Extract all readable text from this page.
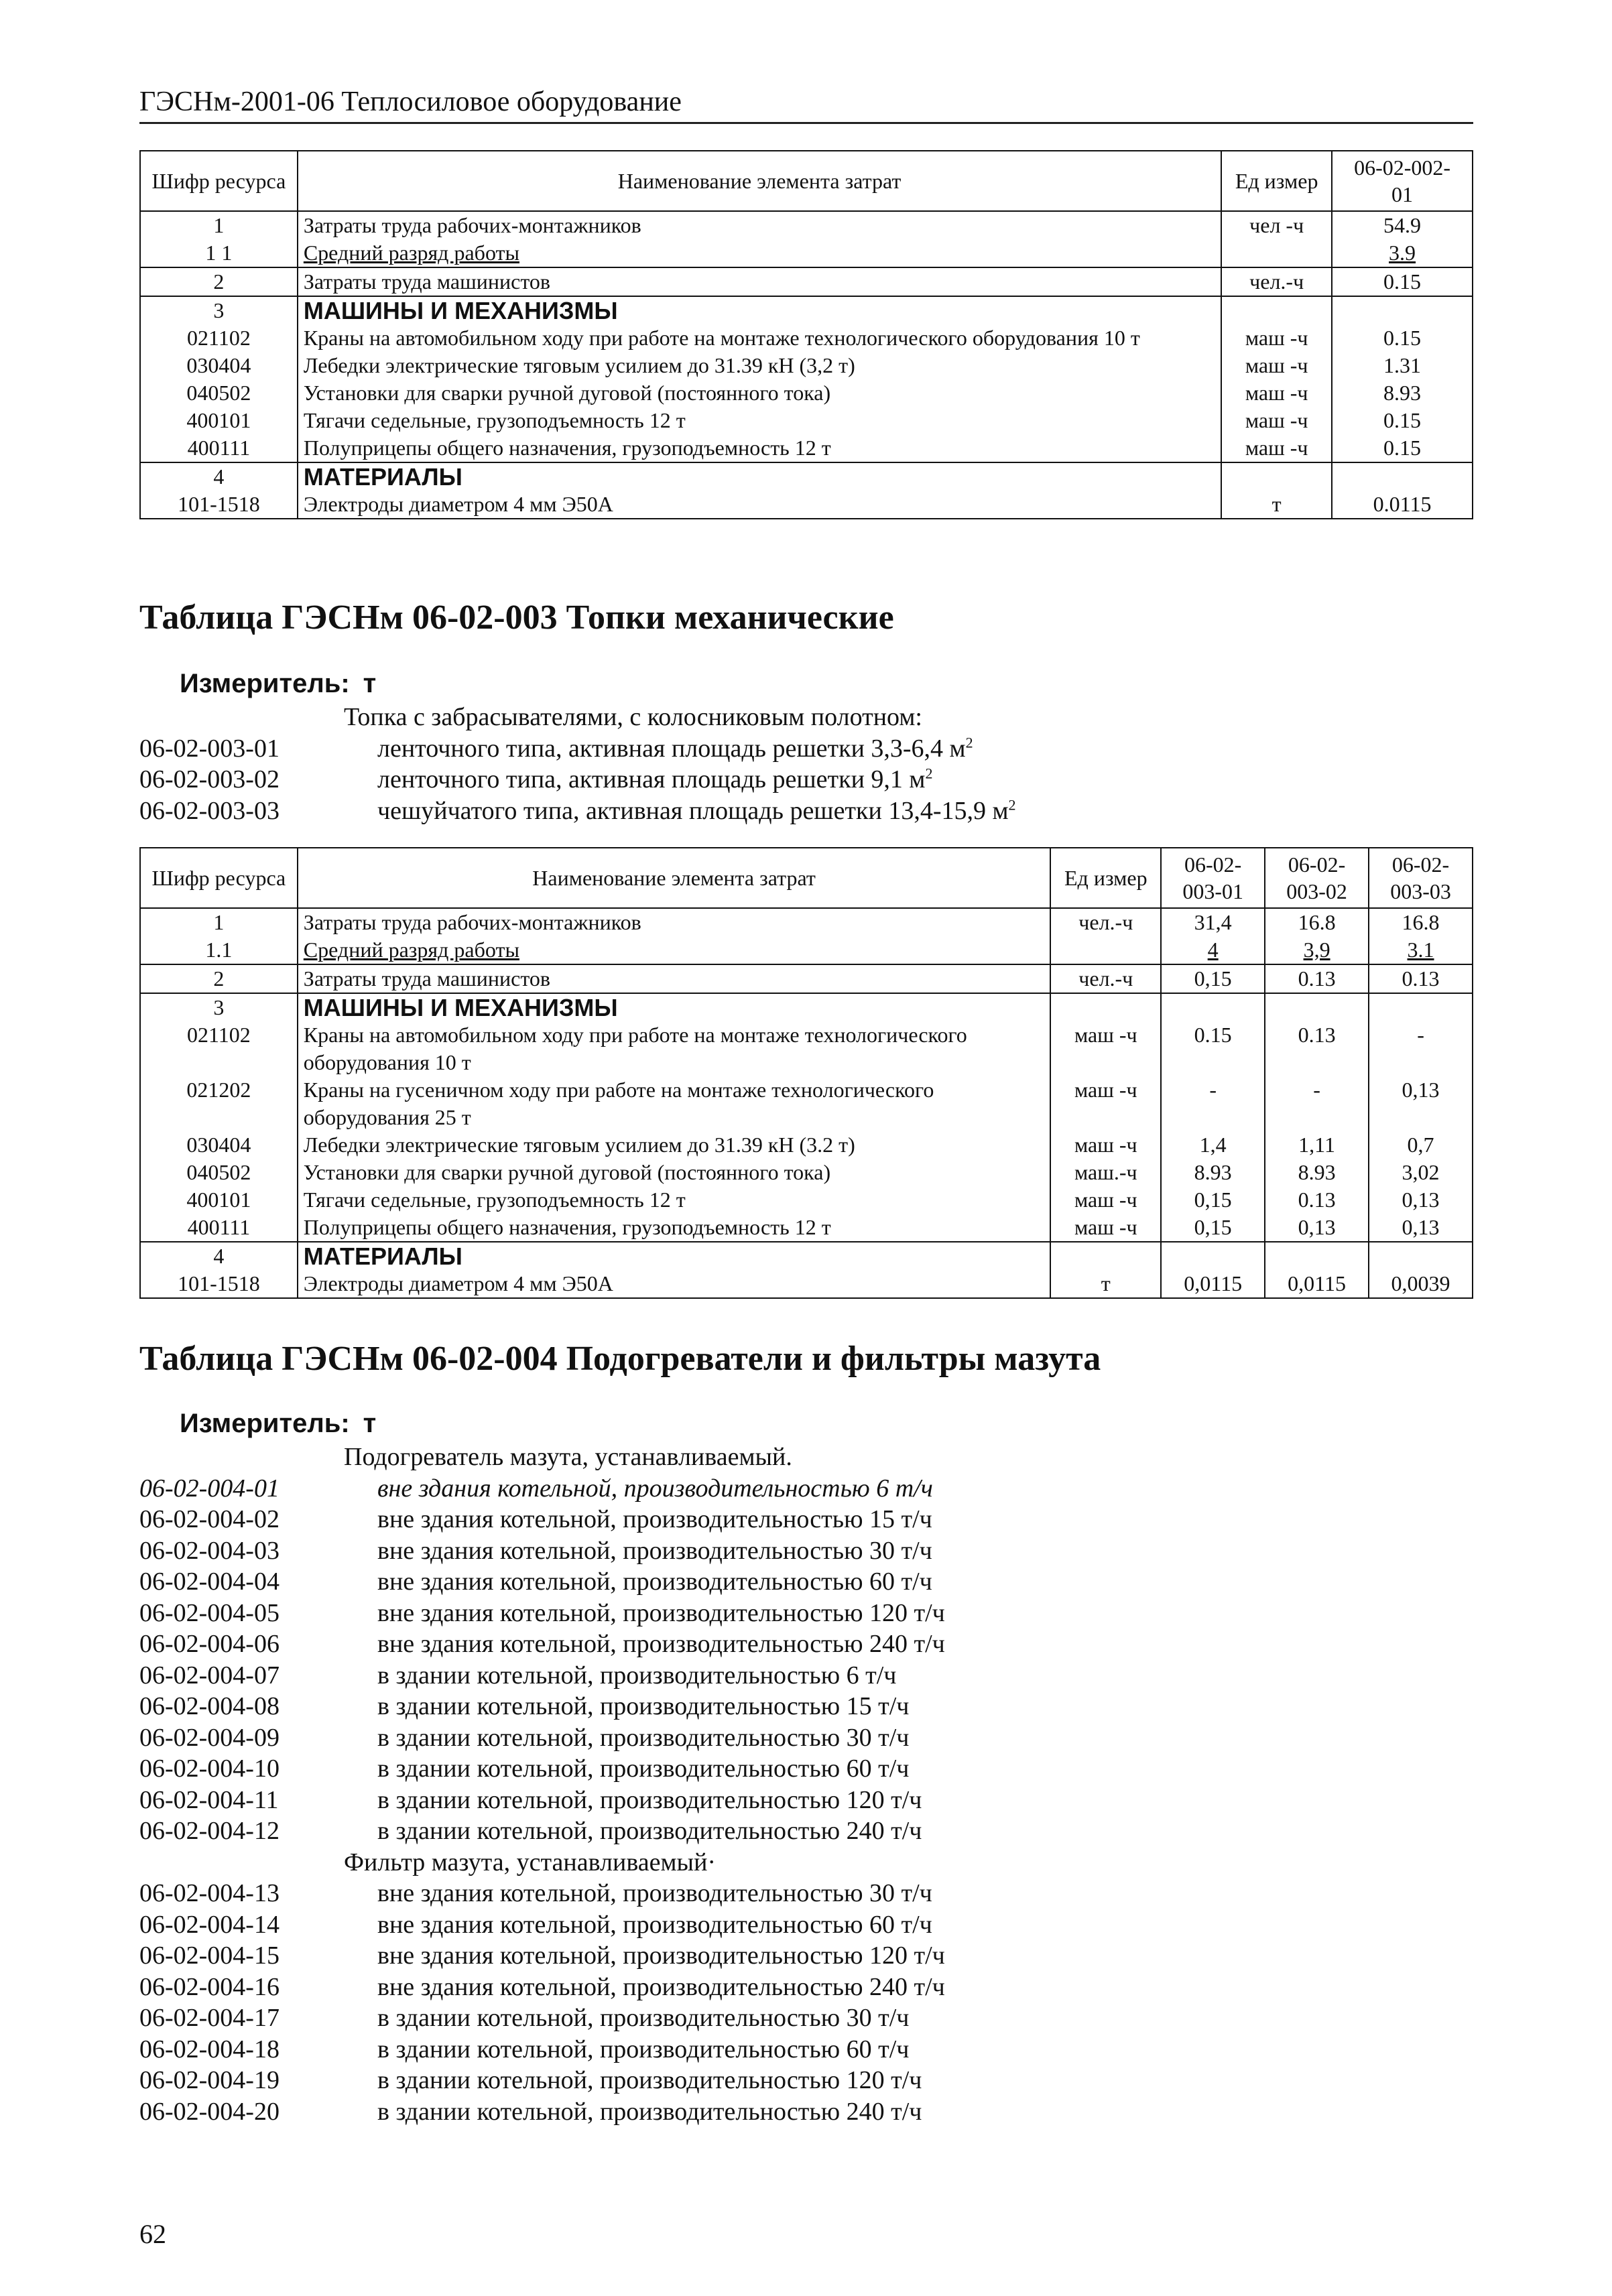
ГЭСНм-2001-06 Теплосиловое оборудование
Шифр ресурса	Наименование элемента затрат	Ед измер	06-02-002-01
1	Затраты труда рабочих-монтажников	чел -ч	54.9
1 1	Средний разряд работы		3.9
2	Затраты труда машинистов	чел.-ч	0.15
3	МАШИНЫ И МЕХАНИЗМЫ		
021102	Краны на автомобильном ходу при работе на монтаже технологического оборудования 10 т	маш -ч	0.15
030404	Лебедки электрические тяговым усилием до 31.39 кН (3,2 т)	маш -ч	1.31
040502	Установки для сварки ручной дуговой (постоянного тока)	маш -ч	8.93
400101	Тягачи седельные, грузоподъемность 12 т	маш -ч	0.15
400111	Полуприцепы общего назначения, грузоподъемность 12 т	маш -ч	0.15
4	МАТЕРИАЛЫ		
101-1518	Электроды диаметром 4 мм Э50А	т	0.0115
Таблица ГЭСНм 06-02-003 Топки механические
Измеритель: т
Топка с забрасывателями, с колосниковым полотном:
06-02-003-01	ленточного типа, активная площадь решетки 3,3-6,4 $м^2$
06-02-003-02	ленточного типа, активная площадь решетки 9,1 $м^2$
06-02-003-03	чешуйчатого типа, активная площадь решетки 13,4-15,9 $м^2$
Шифр ресурса	Наименование элемента затрат	Ед измер	06-02-003-01	06-02-003-02	06-02-003-03
1	Затраты труда рабочих-монтажников	чел.-ч	31,4	16.8	16.8
1.1	Средний разряд работы		4	3,9	3.1
2	Затраты труда машинистов	чел.-ч	0,15	0.13	0.13
3	МАШИНЫ И МЕХАНИЗМЫ				
021102	Краны на автомобильном ходу при работе на монтаже технологического оборудования 10 т	маш -ч	0.15	0.13	-
021202	Краны на гусеничном ходу при работе на монтаже технологического оборудования 25 т	маш -ч	-	-	0,13
030404	Лебедки электрические тяговым усилием до 31.39 кН (3.2 т)	маш -ч	1,4	1,11	0,7
040502	Установки для сварки ручной дуговой (постоянного тока)	маш.-ч	8.93	8.93	3,02
400101	Тягачи седельные, грузоподъемность 12 т	маш -ч	0,15	0.13	0,13
400111	Полуприцепы общего назначения, грузоподъемность 12 т	маш -ч	0,15	0,13	0,13
4	МАТЕРИАЛЫ				
101-1518	Электроды диаметром 4 мм Э50А	т	0,0115	0,0115	0,0039
Таблица ГЭСНм 06-02-004 Подогреватели и фильтры мазута
Измеритель: т
Подогреватель мазута, устанавливаемый.
06-02-004-01	вне здания котельной, производительностью 6 т/ч
06-02-004-02	вне здания котельной, производительностью 15 т/ч
06-02-004-03	вне здания котельной, производительностью 30 т/ч
06-02-004-04	вне здания котельной, производительностью 60 т/ч
06-02-004-05	вне здания котельной, производительностью 120 т/ч
06-02-004-06	вне здания котельной, производительностью 240 т/ч
06-02-004-07	в здании котельной, производительностью 6 т/ч
06-02-004-08	в здании котельной, производительностью 15 т/ч
06-02-004-09	в здании котельной, производительностью 30 т/ч
06-02-004-10	в здании котельной, производительностью 60 т/ч
06-02-004-11	в здании котельной, производительностью 120 т/ч
06-02-004-12	в здании котельной, производительностью 240 т/ч
Фильтр мазута, устанавливаемый·
06-02-004-13	вне здания котельной, производительностью 30 т/ч
06-02-004-14	вне здания котельной, производительностью 60 т/ч
06-02-004-15	вне здания котельной, производительностью 120 т/ч
06-02-004-16	вне здания котельной, производительностью 240 т/ч
06-02-004-17	в здании котельной, производительностью 30 т/ч
06-02-004-18	в здании котельной, производительностью 60 т/ч
06-02-004-19	в здании котельной, производительностью 120 т/ч
06-02-004-20	в здании котельной, производительностью 240 т/ч
62
